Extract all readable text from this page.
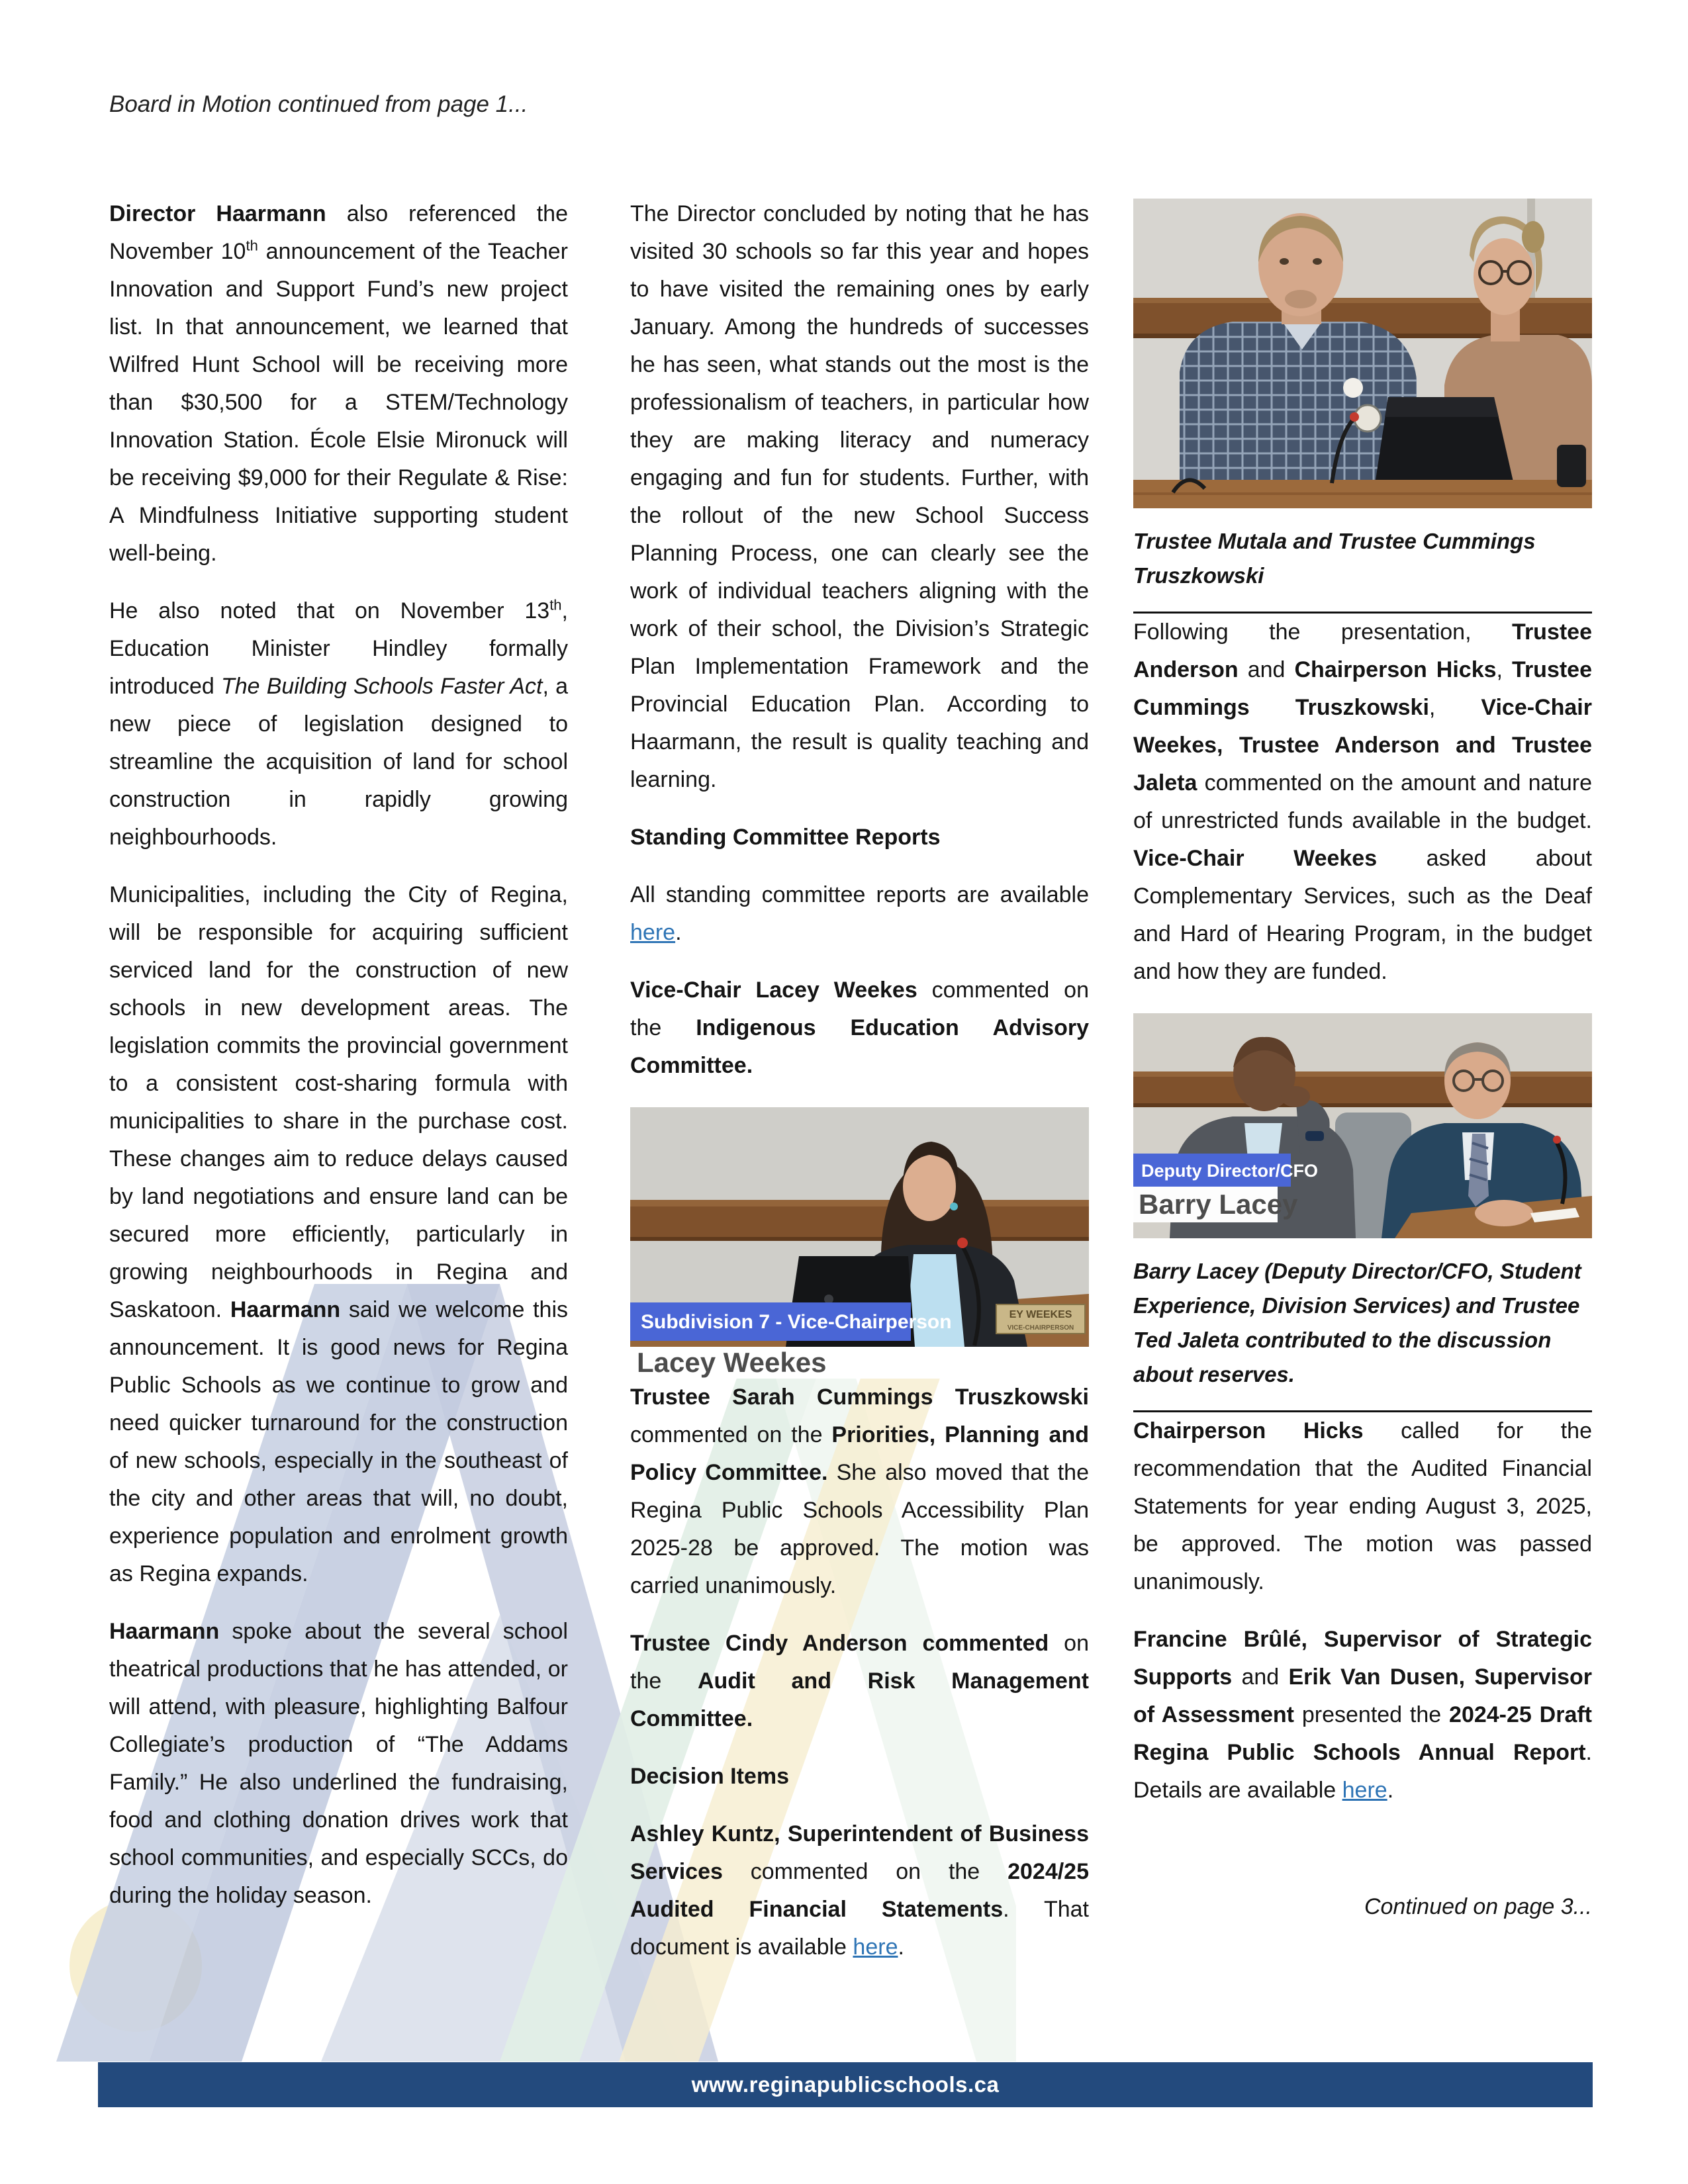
Board in Motion continued from page 1...

Director Haarmann also referenced the November 10th announcement of the Teacher Innovation and Support Fund’s new project list. In that announcement, we learned that Wilfred Hunt School will be receiving more than $30,500 for a STEM/Technology Innovation Station. École Elsie Mironuck will be receiving $9,000 for their Regulate & Rise: A Mindfulness Initiative supporting student well-being.

He also noted that on November 13th, Education Minister Hindley formally introduced The Building Schools Faster Act, a new piece of legislation designed to streamline the acquisition of land for school construction in rapidly growing neighbourhoods.

Municipalities, including the City of Regina, will be responsible for acquiring sufficient serviced land for the construction of new schools in new development areas. The legislation commits the provincial government to a consistent cost-sharing formula with municipalities to share in the purchase cost. These changes aim to reduce delays caused by land negotiations and ensure land can be secured more efficiently, particularly in growing neighbourhoods in Regina and Saskatoon. Haarmann said we welcome this announcement. It is good news for Regina Public Schools as we continue to grow and need quicker turnaround for the construction of new schools, especially in the southeast of the city and other areas that will, no doubt, experience population and enrolment growth as Regina expands.

Haarmann spoke about the several school theatrical productions that he has attended, or will attend, with pleasure, highlighting Balfour Collegiate’s production of “The Addams Family.” He also underlined the fundraising, food and clothing donation drives work that school communities, and especially SCCs, do during the holiday season.

The Director concluded by noting that he has visited 30 schools so far this year and hopes to have visited the remaining ones by early January. Among the hundreds of successes he has seen, what stands out the most is the professionalism of teachers, in particular how they are making literacy and numeracy engaging and fun for students. Further, with the rollout of the new School Success Planning Process, one can clearly see the work of individual teachers aligning with the work of their school, the Division’s Strategic Plan Implementation Framework and the Provincial Education Plan. According to Haarmann, the result is quality teaching and learning.

Standing Committee Reports

All standing committee reports are available here.

Vice-Chair Lacey Weekes commented on the Indigenous Education Advisory Committee.

EY WEEKES
VICE-CHAIRPERSON
Subdivision 7 - Vice-Chairperson
Lacey Weekes

Trustee Sarah Cummings Truszkowski commented on the Priorities, Planning and Policy Committee. She also moved that the Regina Public Schools Accessibility Plan 2025-28 be approved. The motion was carried unanimously.

Trustee Cindy Anderson commented on the Audit and Risk Management Committee.

Decision Items

Ashley Kuntz, Superintendent of Business Services commented on the 2024/25 Audited Financial Statements. That document is available here.

Trustee Mutala and Trustee Cummings Truszkowski

Following the presentation, Trustee Anderson and Chairperson Hicks, Trustee Cummings Truszkowski, Vice-Chair Weekes, Trustee Anderson and Trustee Jaleta commented on the amount and nature of unrestricted funds available in the budget. Vice-Chair Weekes asked about Complementary Services, such as the Deaf and Hard of Hearing Program, in the budget and how they are funded.

Deputy Director/CFO
Barry Lacey
Barry Lacey (Deputy Director/CFO, Student Experience, Division Services) and Trustee Ted Jaleta contributed to the discussion about reserves.

Chairperson Hicks called for the recommendation that the Audited Financial Statements for year ending August 3, 2025, be approved. The motion was passed unanimously.

Francine Brûlé, Supervisor of Strategic Supports and Erik Van Dusen, Supervisor of Assessment presented the 2024-25 Draft Regina Public Schools Annual Report. Details are available here.

Continued on page 3...
www.reginapublicschools.ca
